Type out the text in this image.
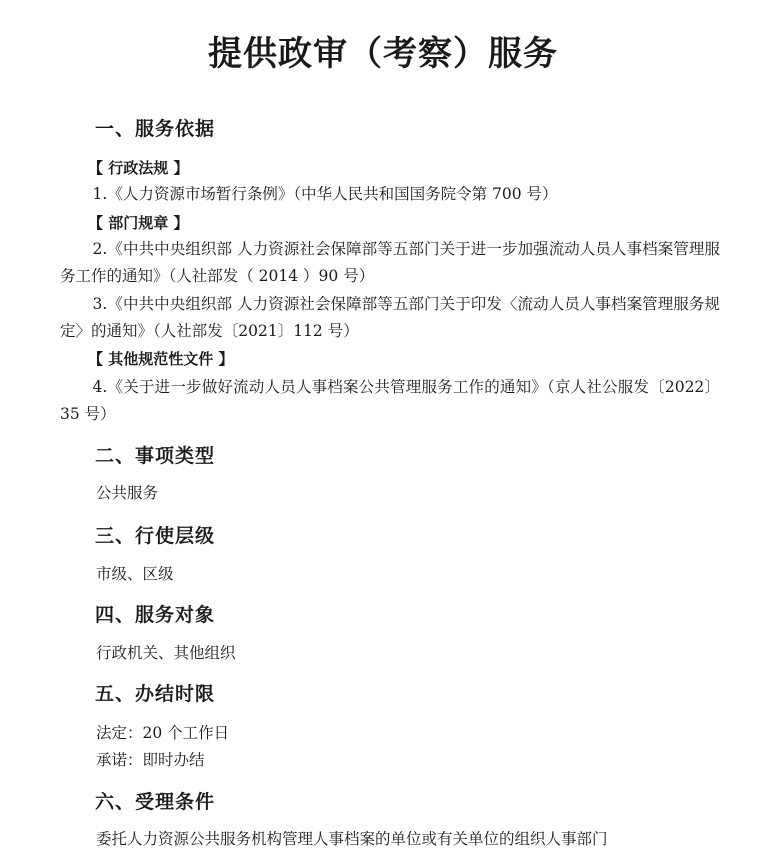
提供政审（考察）服务
一、服务依据
【 行政法规 】

1.《人力资源市场暂行条例》（中华人民共和国国务院令第 700 号）

【 部门规章 】

2.《中共中央组织部 人力资源社会保障部等五部门关于进一步加强流动人员人事档案管理服务工作的通知》（人社部发（ 2014 ）90 号）

3.《中共中央组织部 人力资源社会保障部等五部门关于印发〈流动人员人事档案管理服务规定〉的通知》（人社部发〔2021〕112 号）

【 其他规范性文件 】

4.《关于进一步做好流动人员人事档案公共管理服务工作的通知》（京人社公服发〔2022〕35 号）

二、事项类型
公共服务
三、行使层级
市级、区级
四、服务对象
行政机关、其他组织
五、办结时限
法定：20 个工作日
承诺：即时办结
六、受理条件
委托人力资源公共服务机构管理人事档案的单位或有关单位的组织人事部门
